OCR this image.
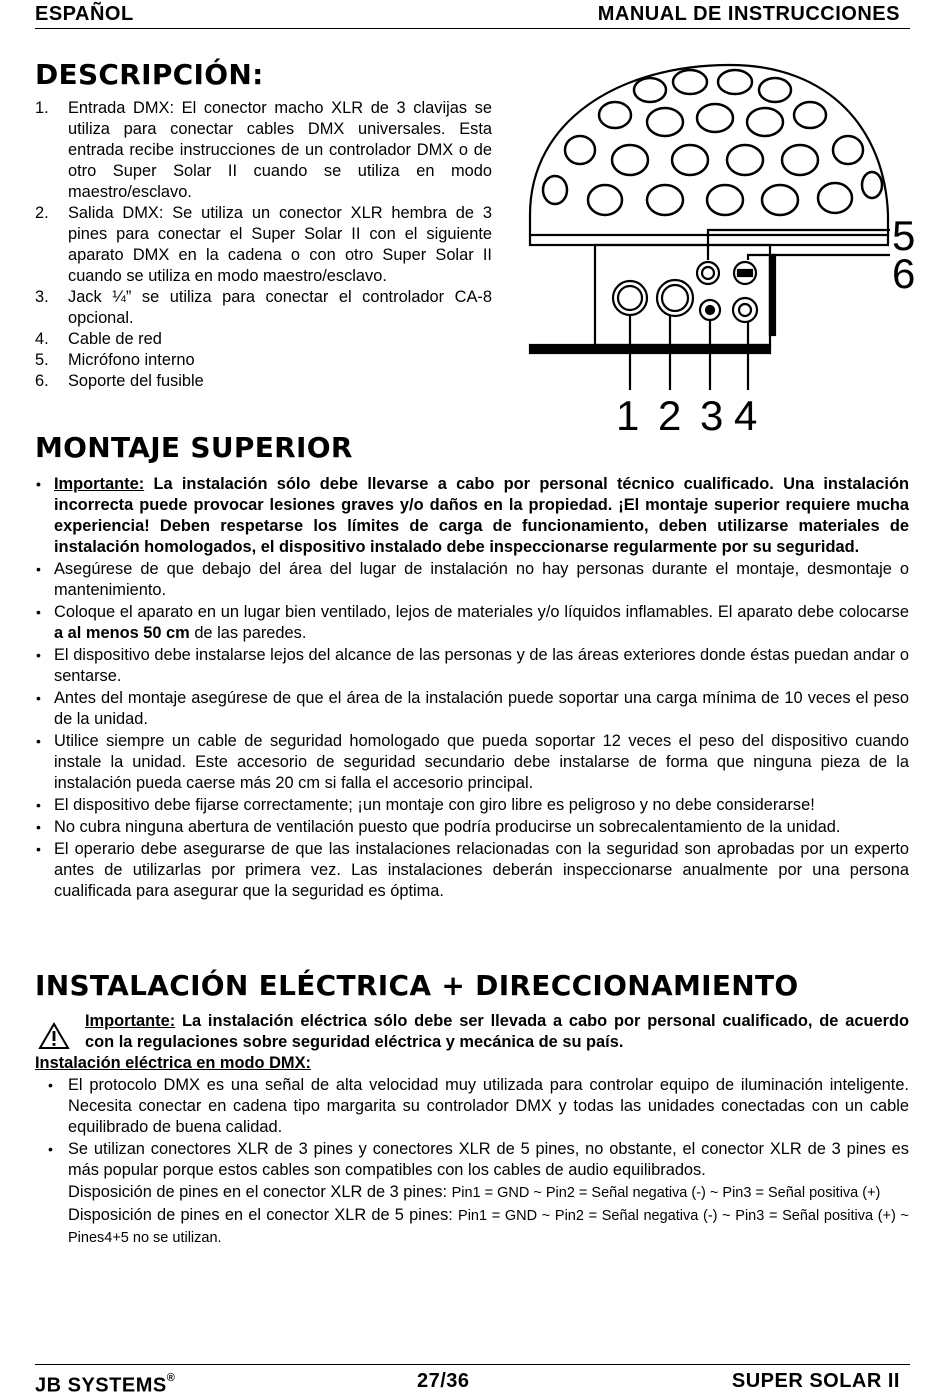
ESPAÑOL	MANUAL DE INSTRUCCIONES
DESCRIPCIÓN:
1. Entrada DMX: El conector macho XLR de 3 clavijas se utiliza para conectar cables DMX universales. Esta entrada recibe instrucciones de un controlador DMX o de otro Super Solar II cuando se utiliza en modo maestro/esclavo.
2. Salida DMX: Se utiliza un conector XLR hembra de 3 pines para conectar el Super Solar II con el siguiente aparato DMX en la cadena o con otro Super Solar II cuando se utiliza en modo maestro/esclavo.
3. Jack ¼” se utiliza para conectar el controlador CA-8 opcional.
4. Cable de red
5. Micrófono interno
6. Soporte del fusible
1 2 3 4
5
6
MONTAJE SUPERIOR
• Importante: La instalación sólo debe llevarse a cabo por personal técnico cualificado. Una instalación incorrecta puede provocar lesiones graves y/o daños en la propiedad. ¡El montaje superior requiere mucha experiencia! Deben respetarse los límites de carga de funcionamiento, deben utilizarse materiales de instalación homologados, el dispositivo instalado debe inspeccionarse regularmente por su seguridad.
• Asegúrese de que debajo del área del lugar de instalación no hay personas durante el montaje, desmontaje o mantenimiento.
• Coloque el aparato en un lugar bien ventilado, lejos de materiales y/o líquidos inflamables. El aparato debe colocarse a al menos 50 cm de las paredes.
• El dispositivo debe instalarse lejos del alcance de las personas y de las áreas exteriores donde éstas puedan andar o sentarse.
• Antes del montaje asegúrese de que el área de la instalación puede soportar una carga mínima de 10 veces el peso de la unidad.
• Utilice siempre un cable de seguridad homologado que pueda soportar 12 veces el peso del dispositivo cuando instale la unidad. Este accesorio de seguridad secundario debe instalarse de forma que ninguna pieza de la instalación pueda caerse más 20 cm si falla el accesorio principal.
• El dispositivo debe fijarse correctamente; ¡un montaje con giro libre es peligroso y no debe considerarse!
• No cubra ninguna abertura de ventilación puesto que podría producirse un sobrecalentamiento de la unidad.
• El operario debe asegurarse de que las instalaciones relacionadas con la seguridad son aprobadas por un experto antes de utilizarlas por primera vez. Las instalaciones deberán inspeccionarse anualmente por una persona cualificada para asegurar que la seguridad es óptima.
INSTALACIÓN ELÉCTRICA + DIRECCIONAMIENTO
Importante: La instalación eléctrica sólo debe ser llevada a cabo por personal cualificado, de acuerdo con la regulaciones sobre seguridad eléctrica y mecánica de su país.
Instalación eléctrica en modo DMX:
• El protocolo DMX es una señal de alta velocidad muy utilizada para controlar equipo de iluminación inteligente. Necesita conectar en cadena tipo margarita su controlador DMX y todas las unidades conectadas con un cable equilibrado de buena calidad.
• Se utilizan conectores XLR de 3 pines y conectores XLR de 5 pines, no obstante, el conector XLR de 3 pines es más popular porque estos cables son compatibles con los cables de audio equilibrados.
Disposición de pines en el conector XLR de 3 pines: Pin1 = GND ~ Pin2 = Señal negativa (-) ~ Pin3 = Señal positiva (+)
Disposición de pines en el conector XLR de 5 pines: Pin1 = GND ~ Pin2 = Señal negativa (-) ~ Pin3 = Señal positiva (+) ~ Pines4+5 no se utilizan.
JB SYSTEMS®	27/36	SUPER SOLAR II
